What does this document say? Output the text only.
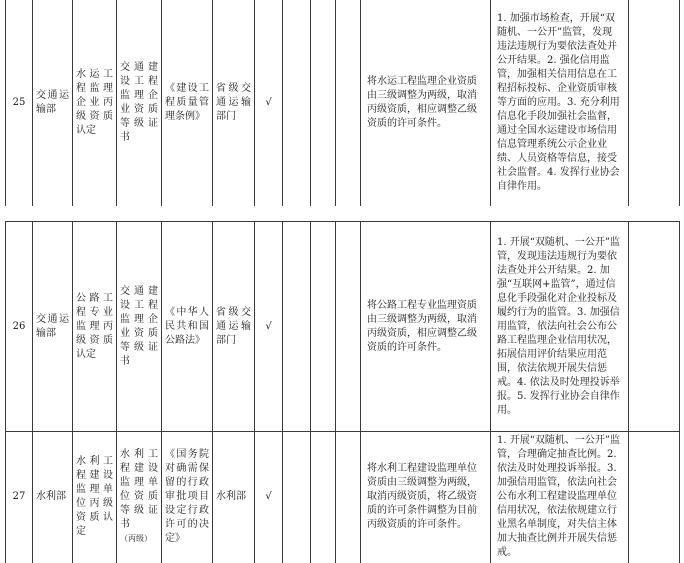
25	交通运输部	水运工程监理企业丙级资质认定	交通建设工程监理企业资质等级证书	《建设工程质量管理条例》	省级交通运输部门	√				将水运工程监理企业资质由三级调整为两级，取消丙级资质，相应调整乙级资质的许可条件。	1. 加强市场检查，开展“双随机、一公开”监管，发现违法违规行为要依法查处并公开结果。2. 强化信用监管，加强相关信用信息在工程招标投标、企业资质审核等方面的应用。3. 充分利用信息化手段加强社会监督，通过全国水运建设市场信用信息管理系统公示企业业绩、人员资格等信息，接受社会监督。4. 发挥行业协会自律作用。	
26	交通运输部	公路工程专业监理丙级资质认定	交通建设工程监理企业资质等级证书	《中华人民共和国公路法》	省级交通运输部门	√				将公路工程专业监理资质由三级调整为两级，取消丙级资质，相应调整乙级资质的许可条件。	1. 开展“双随机、一公开”监管，发现违法违规行为要依法查处并公开结果。2. 加强“互联网+监管”，通过信息化手段强化对企业投标及履约行为的监管。3. 加强信用监管，依法向社会公布公路工程监理企业信用状况，拓展信用评价结果应用范围，依法依规开展失信惩戒。4. 依法及时处理投诉举报。5. 发挥行业协会自律作用。	
27	水利部	水利工程建设监理单位丙级资质认定	水利工程建设监理单位资质等级证书（丙级）	《国务院对确需保留的行政审批项目设定行政许可的决定》	水利部	√				将水利工程建设监理单位资质由三级调整为两级，取消丙级资质，将乙级资质的许可条件调整为目前丙级资质的许可条件。	1. 开展“双随机、一公开”监管，合理确定抽查比例。2. 依法及时处理投诉举报。3. 加强信用监管，依法向社会公布水利工程建设监理单位信用状况，依法依规建立行业黑名单制度，对失信主体加大抽查比例并开展失信惩戒。	
